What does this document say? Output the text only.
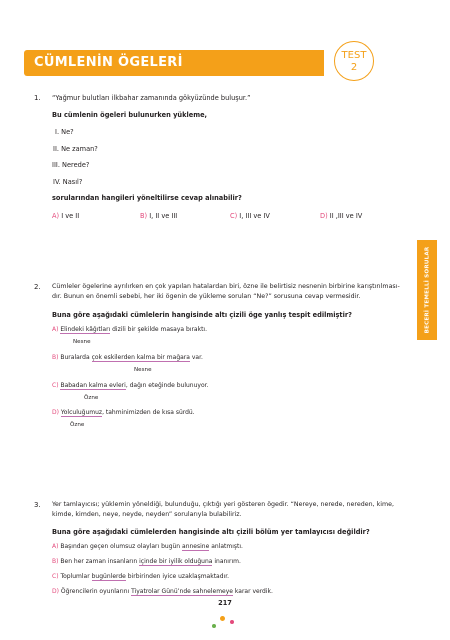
CÜMLENİN ÖGELERİ	TEST
2
BECERİ TEMELLİ SORULAR
1. “Yağmur bulutları ilkbahar zamanında gökyüzünde buluşur.”
Bu cümlenin ögeleri bulunurken yükleme,
I. Ne?
II. Ne zaman?
III. Nerede?
IV. Nasıl?
sorularından hangileri yöneltilirse cevap alınabilir?
A) I ve II	B) I, II ve III	C) I, III ve IV	D) II ,III ve IV
2. Cümleler ögelerine ayrılırken en çok yapılan hatalardan biri, özne ile belirtisiz nesnenin birbirine karıştırılması-
dır. Bunun en önemli sebebi, her iki ögenin de yükleme sorulan “Ne?” sorusuna cevap vermesidir.
Buna göre aşağıdaki cümlelerin hangisinde altı çizili öge yanlış tespit edilmiştir?
A) Elindeki kâğıtları dizili bir şekilde masaya bıraktı.
Nesne
B) Buralarda çok eskilerden kalma bir mağara var.
Nesne
C) Babadan kalma evleri, dağın eteğinde bulunuyor.
Özne
D) Yolculuğumuz, tahminimizden de kısa sürdü.
Özne
3. Yer tamlayıcısı; yüklemin yöneldiği, bulunduğu, çıktığı yeri gösteren ögedir. “Nereye, nerede, nereden, kime,
kimde, kimden, neye, neyde, neyden” sorularıyla bulabiliriz.
Buna göre aşağıdaki cümlelerden hangisinde altı çizili bölüm yer tamlayıcısı değildir?
A) Başından geçen olumsuz olayları bugün annesine anlatmıştı.
B) Ben her zaman insanların içinde bir iyilik olduğuna inanırım.
C) Toplumlar bugünlerde birbirinden iyice uzaklaşmaktadır.
D) Öğrencilerin oyunlarını Tiyatrolar Günü’nde sahnelemeye karar verdik.
217
